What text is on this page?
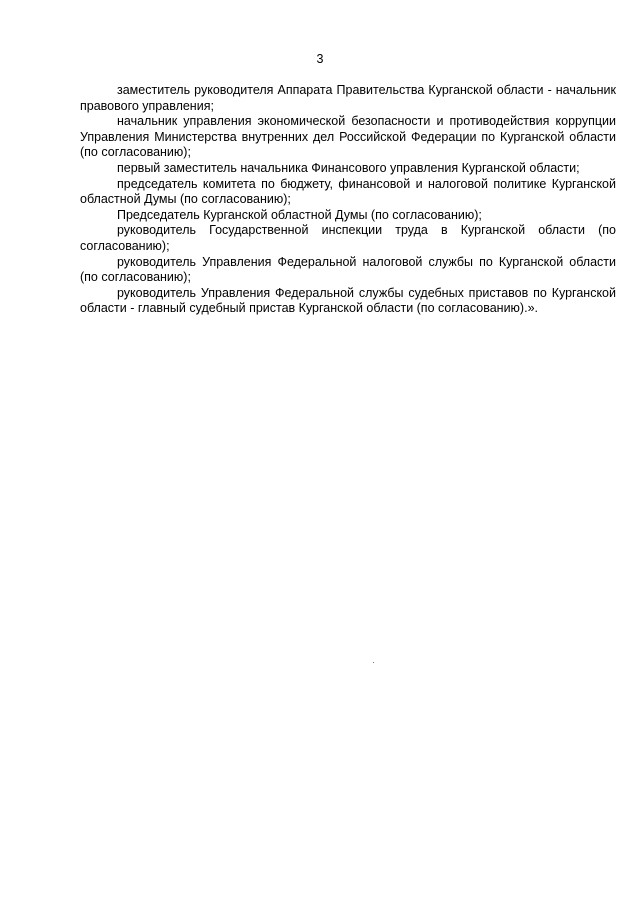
3

заместитель руководителя Аппарата Правительства Курганской области - начальник правового управления;

начальник управления экономической безопасности и противодействия коррупции Управления Министерства внутренних дел Российской Федерации по Курганской области (по согласованию);

первый заместитель начальника Финансового управления Курганской области;

председатель комитета по бюджету, финансовой и налоговой политике Курганской областной Думы (по согласованию);

Председатель Курганской областной Думы (по согласованию);

руководитель Государственной инспекции труда в Курганской области (по согласованию);

руководитель Управления Федеральной налоговой службы по Курганской области (по согласованию);

руководитель Управления Федеральной службы судебных приставов по Курганской области - главный судебный пристав Курганской области (по согласованию).».
